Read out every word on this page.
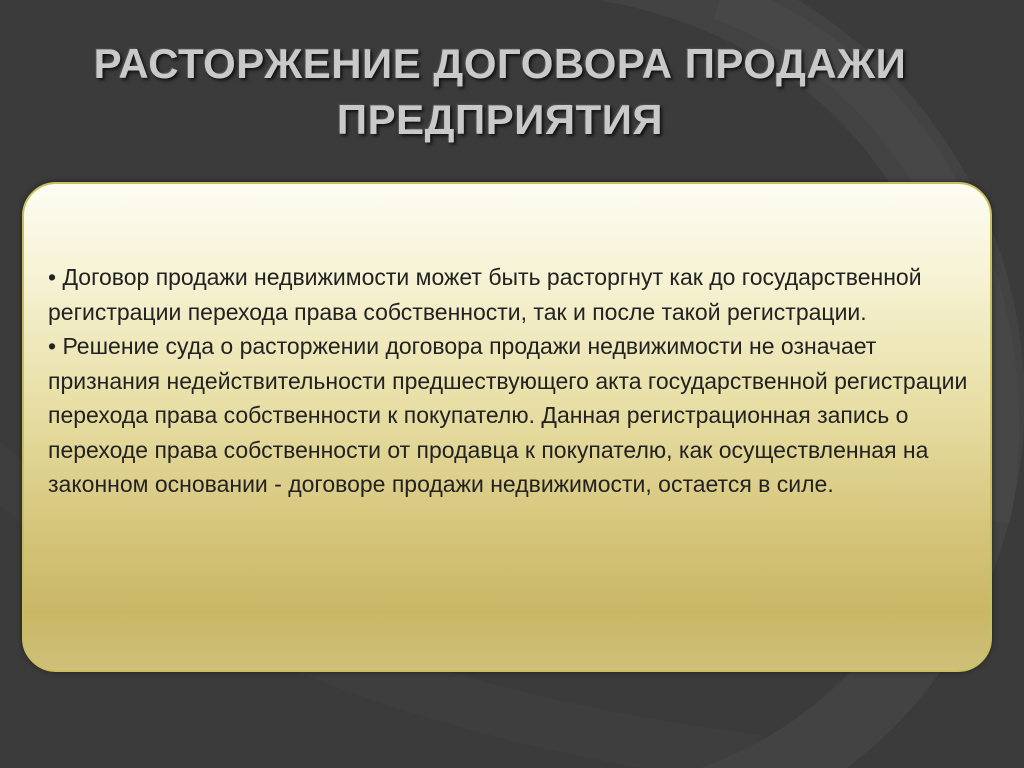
РАСТОРЖЕНИЕ ДОГОВОРА ПРОДАЖИ
ПРЕДПРИЯТИЯ

• Договор продажи недвижимости может быть расторгнут как до государственной регистрации перехода права собственности, так и после такой регистрации.

• Решение суда о расторжении договора продажи недвижимости не означает признания недействительности предшествующего акта государственной регистрации перехода права собственности к покупателю. Данная регистрационная запись о переходе права собственности от продавца к покупателю, как осуществленная на законном основании - договоре продажи недвижимости, остается в силе.
